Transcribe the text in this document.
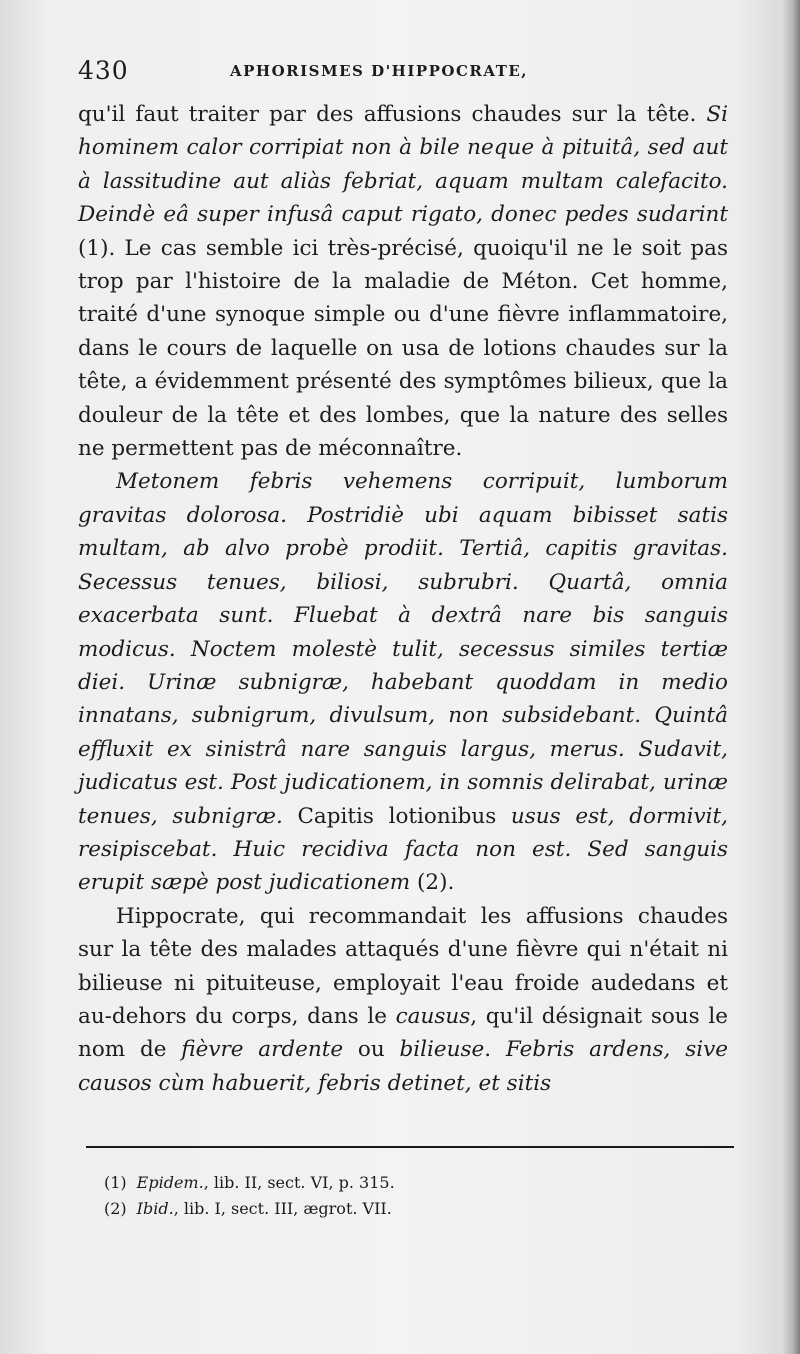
430	APHORISMES D'HIPPOCRATE,

qu'il faut traiter par des affusions chaudes sur la tête. Si hominem calor corripiat non à bile neque à pituitâ, sed aut à lassitudine aut aliàs febriat, aquam multam calefacito. Deindè eâ super infusâ caput rigato, donec pedes sudarint (1). Le cas semble ici très-précisé, quoiqu'il ne le soit pas trop par l'histoire de la maladie de Méton. Cet homme, traité d'une synoque simple ou d'une fièvre inflammatoire, dans le cours de laquelle on usa de lotions chaudes sur la tête, a évidemment présenté des symptômes bilieux, que la douleur de la tête et des lombes, que la nature des selles ne permettent pas de méconnaître.

Metonem febris vehemens corripuit, lumborum gravitas dolorosa. Postridiè ubi aquam bibisset satis multam, ab alvo probè prodiit. Tertiâ, capitis gravitas. Secessus tenues, biliosi, subrubri. Quartâ, omnia exacerbata sunt. Fluebat à dextrâ nare bis sanguis modicus. Noctem molestè tulit, secessus similes tertiæ diei. Urinæ subnigræ, habebant quoddam in medio innatans, subnigrum, divulsum, non subsidebant. Quintâ effluxit ex sinistrâ nare sanguis largus, merus. Sudavit, judicatus est. Post judicationem, in somnis delirabat, urinæ tenues, subnigræ. Capitis lotionibus usus est, dormivit, resipiscebat. Huic recidiva facta non est. Sed sanguis erupit sæpè post judicationem (2).

Hippocrate, qui recommandait les affusions chaudes sur la tête des malades attaqués d'une fièvre qui n'était ni bilieuse ni pituiteuse, employait l'eau froide audedans et au-dehors du corps, dans le causus, qu'il désignait sous le nom de fièvre ardente ou bilieuse. Febris ardens, sive causos cùm habuerit, febris detinet, et sitis

(1) Epidem., lib. II, sect. VI, p. 315.
(2) Ibid., lib. I, sect. III, ægrot. VII.
